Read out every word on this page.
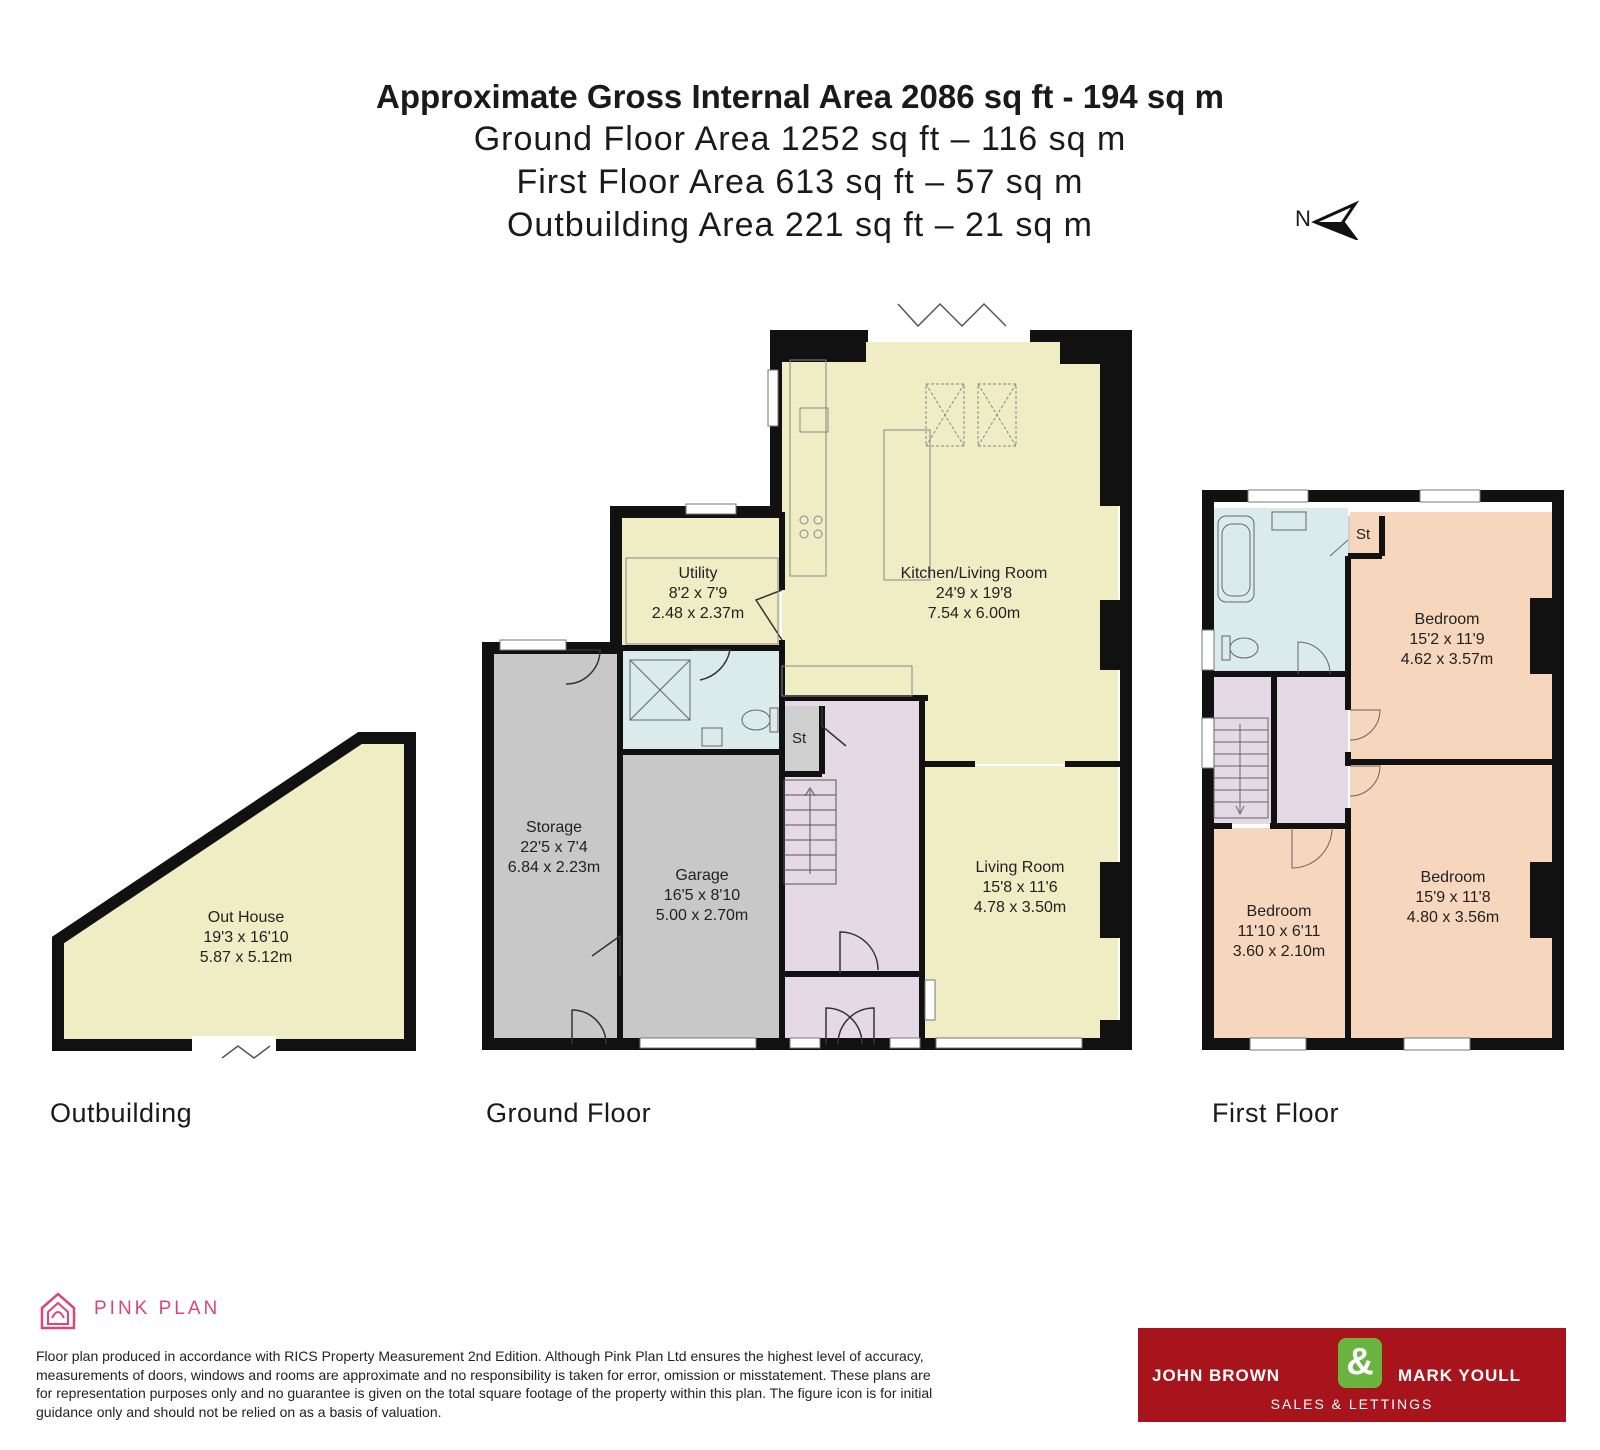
Approximate Gross Internal Area 2086 sq ft - 194 sq m
Ground Floor Area 1252 sq ft – 116 sq m
First Floor Area 613 sq ft – 57 sq m
Outbuilding Area 221 sq ft – 21 sq m	N
Out House
19'3 x 16'10
5.87 x 5.12m
Storage
22'5 x 7'4
6.84 x 2.23m
Utility
8'2 x 7'9
2.48 x 2.37m
Garage
16'5 x 8'10
5.00 x 2.70m
Kitchen/Living Room
24'9 x 19'8
7.54 x 6.00m
Living Room
15'8 x 11'6
4.78 x 3.50m
Bedroom
15'2 x 11'9
4.62 x 3.57m
Bedroom
15'9 x 11'8
4.80 x 3.56m
Bedroom
11'10 x 6'11
3.60 x 2.10m
St
St
Outbuilding	Ground Floor	First Floor
PINK PLAN
Floor plan produced in accordance with RICS Property Measurement 2nd Edition. Although Pink Plan Ltd ensures the highest level of accuracy, measurements of doors, windows and rooms are approximate and no responsibility is taken for error, omission or misstatement. These plans are for representation purposes only and no guarantee is given on the total square footage of the property within this plan. The figure icon is for initial guidance only and should not be relied on as a basis of valuation.
JOHN BROWN &	MARK YOULL
SALES & LETTINGS
